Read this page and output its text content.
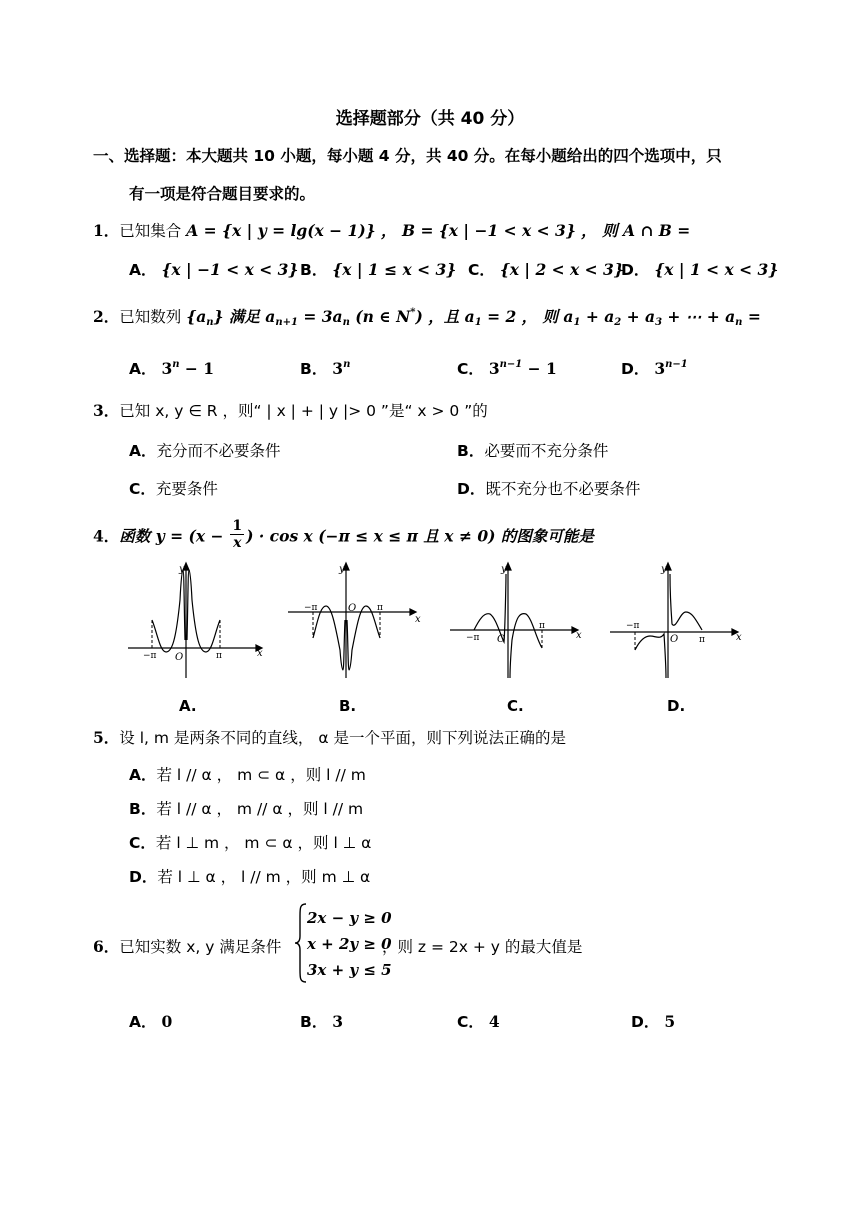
选择题部分（共 40 分）
一、选择题：本大题共 10 小题，每小题 4 分，共 40 分。在每小题给出的四个选项中，只
有一项是符合题目要求的。
1．已知集合 A = {x | y = lg(x − 1)} ， B = {x | −1 < x < 3} ， 则 A ∩ B =
A． {x | −1 < x < 3} B． {x | 1 ≤ x < 3} C． {x | 2 < x < 3}
D． {x | 1 < x < 3}
2．已知数列 $\{a_n\}$ 满足 $a_{n+1} = 3a_n$ (n ∈ N*) ，且 $a_1 = 2$ ， 则 $a_1 + a_2 + a_3$ + ⋯ + $a_n$ =
A． $3^n - 1$	B． 3$^n$	C． $3^{n-1} - 1$	D． $3^{n-1}$
3．已知 x, y ∈ R ，则“ | x | + | y |> 0 ”是“ x > 0 ”的
A．充分而不必要条件	B．必要而不充分条件
C．充要条件	D．既不充分也不必要条件
4．函数 $y = (x - \frac{1}{x}$ ) · cos x (−π ≤ x ≤ π 且 x ≠ 0) 的图象可能是
y
x
−π O	π
y
x
−π	O π
y
x
−π O
π
y
x
−π
O π
A.	B.	C.	D.
5．设 l, m 是两条不同的直线， α 是一个平面，则下列说法正确的是
A．若 l // α ， m ⊂ α ，则 l // m
B．若 l // α ， m // α ，则 l // m
C．若 l ⊥ m ， m ⊂ α ，则 l ⊥ α
D．若 l ⊥ α ， l // m ，则 m ⊥ α
6．已知实数 x, y 满足条件
2x − y ≥ 0
x + 2y ≥ 0
3x + y ≤ 5
，则 z = 2x + y 的最大值是
A． 0	B． 3	C． 4	D． 5
